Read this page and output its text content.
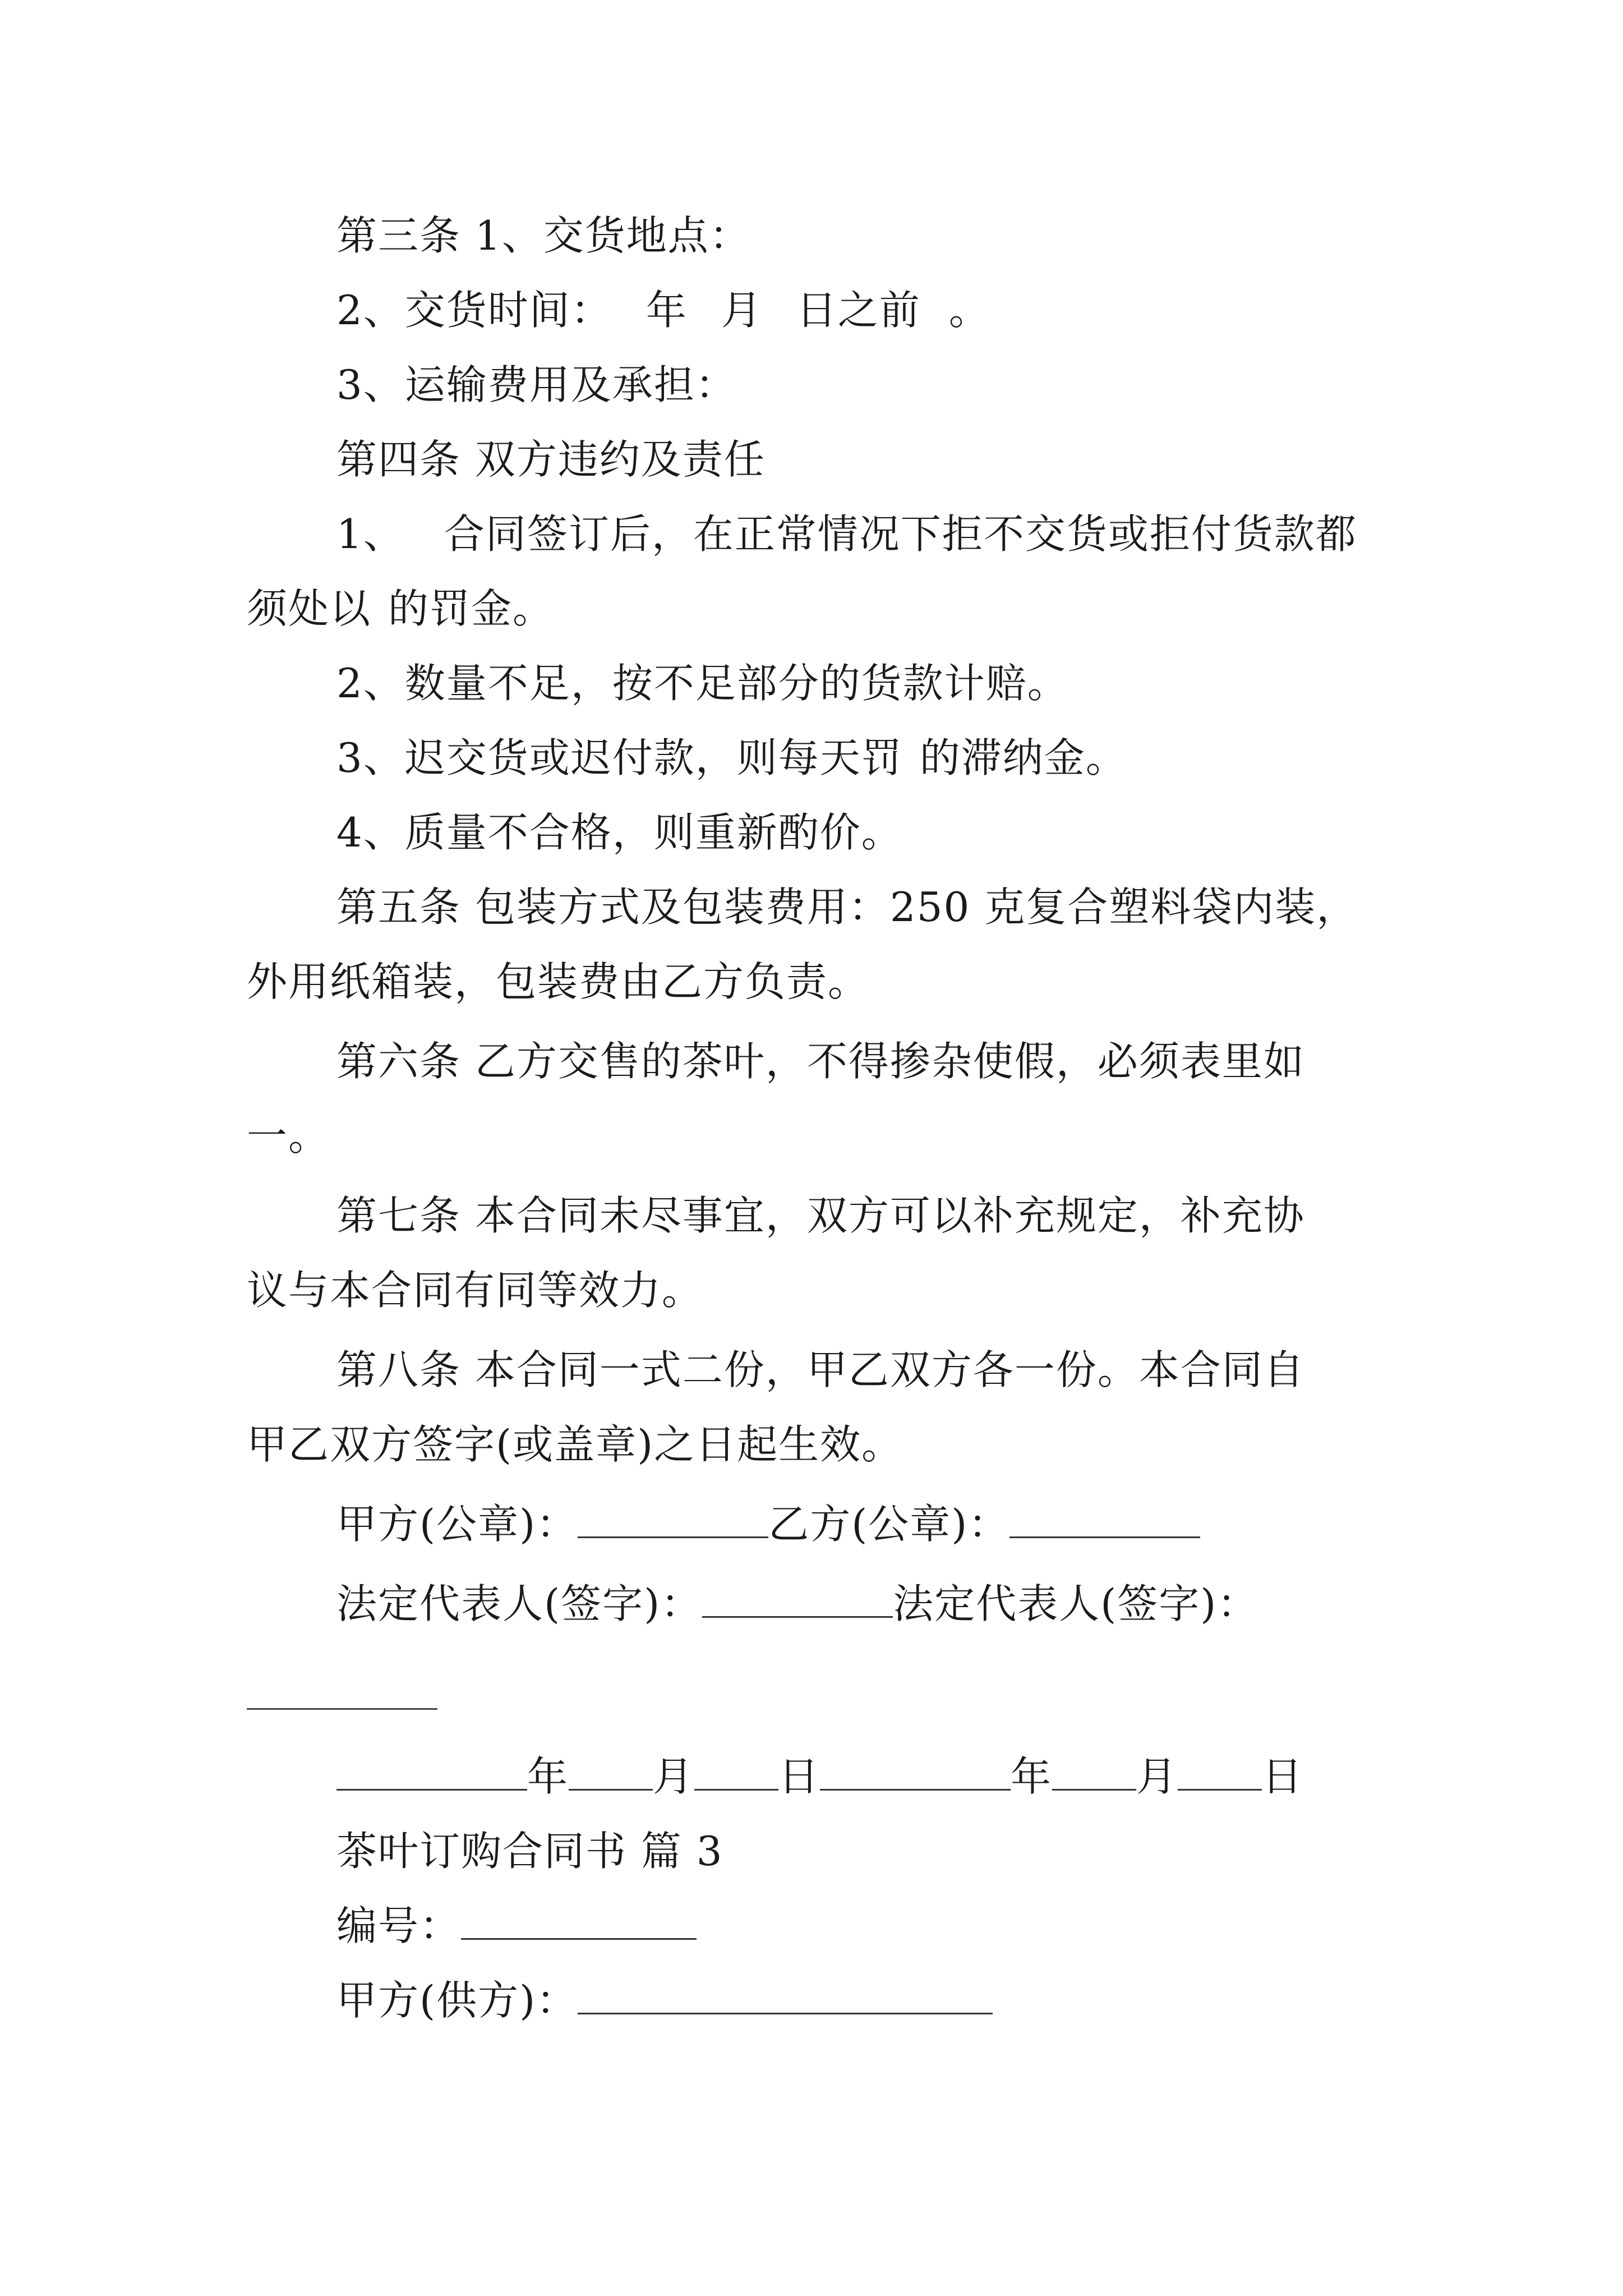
第三条 1、交货地点：
2、交货时间： 年 月 日之前 。
3、运输费用及承担：
第四条 双方违约及责任
1、 合同签订后，在正常情况下拒不交货或拒付货款都
须处以 的罚金。
2、数量不足，按不足部分的货款计赔。
3、迟交货或迟付款，则每天罚 的滞纳金。
4、质量不合格，则重新酌价。
第五条 包装方式及包装费用：250 克复合塑料袋内装，
外用纸箱装，包装费由乙方负责。
第六条 乙方交售的茶叶，不得掺杂使假，必须表里如
一。
第七条 本合同未尽事宜，双方可以补充规定，补充协
议与本合同有同等效力。
第八条 本合同一式二份，甲乙双方各一份。本合同自
甲乙双方签字(或盖章)之日起生效。
甲方(公章)：	乙方(公章)：
法定代表人(签字)：	法定代表人(签字)：
年 月 日	年 月 日
茶叶订购合同书 篇 3
编号：
甲方(供方)：
